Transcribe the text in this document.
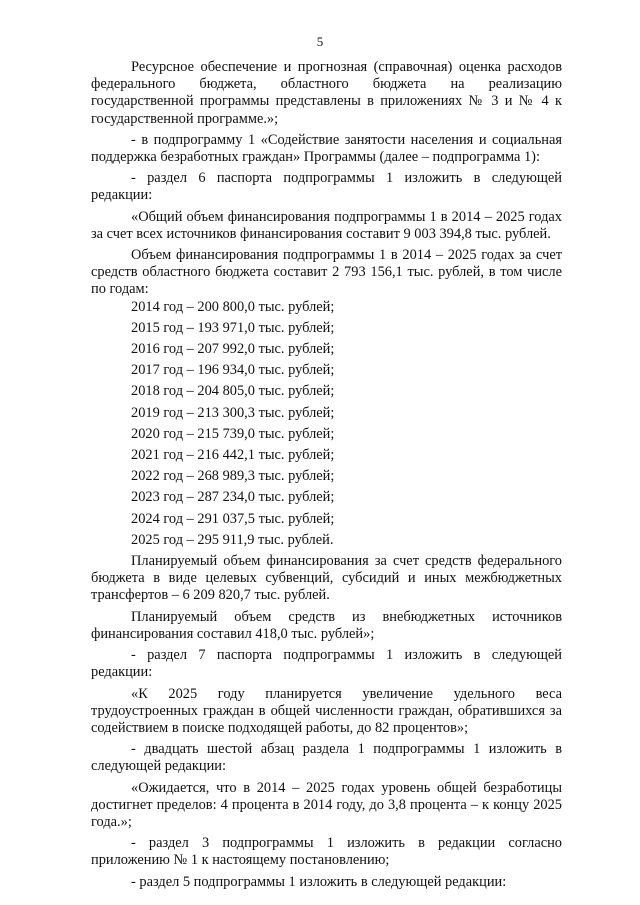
5

Ресурсное обеспечение и прогнозная (справочная) оценка расходов федерального бюджета, областного бюджета на реализацию государственной программы представлены в приложениях № 3 и № 4 к государственной программе.»;

- в подпрограмму 1 «Содействие занятости населения и социальная поддержка безработных граждан» Программы (далее – подпрограмма 1):

- раздел 6 паспорта подпрограммы 1 изложить в следующей редакции:

«Общий объем финансирования подпрограммы 1 в 2014 – 2025 годах за счет всех источников финансирования составит 9 003 394,8 тыс. рублей.

Объем финансирования подпрограммы 1 в 2014 – 2025 годах за счет средств областного бюджета составит 2 793 156,1 тыс. рублей, в том числе по годам:

2014 год – 200 800,0 тыс. рублей;
2015 год – 193 971,0 тыс. рублей;
2016 год – 207 992,0 тыс. рублей;
2017 год – 196 934,0 тыс. рублей;
2018 год – 204 805,0 тыс. рублей;
2019 год – 213 300,3 тыс. рублей;
2020 год – 215 739,0 тыс. рублей;
2021 год – 216 442,1 тыс. рублей;
2022 год – 268 989,3 тыс. рублей;
2023 год – 287 234,0 тыс. рублей;
2024 год – 291 037,5 тыс. рублей;
2025 год – 295 911,9 тыс. рублей.

Планируемый объем финансирования за счет средств федерального бюджета в виде целевых субвенций, субсидий и иных межбюджетных трансфертов – 6 209 820,7 тыс. рублей.

Планируемый объем средств из внебюджетных источников финансирования составил 418,0 тыс. рублей»;

- раздел 7 паспорта подпрограммы 1 изложить в следующей редакции:

«К 2025 году планируется увеличение удельного веса трудоустроенных граждан в общей численности граждан, обратившихся за содействием в поиске подходящей работы, до 82 процентов»;

- двадцать шестой абзац раздела 1 подпрограммы 1 изложить в следующей редакции:

«Ожидается, что в 2014 – 2025 годах уровень общей безработицы достигнет пределов: 4 процента в 2014 году, до 3,8 процента – к концу 2025 года.»;

- раздел 3 подпрограммы 1 изложить в редакции согласно приложению № 1 к настоящему постановлению;

- раздел 5 подпрограммы 1 изложить в следующей редакции:
